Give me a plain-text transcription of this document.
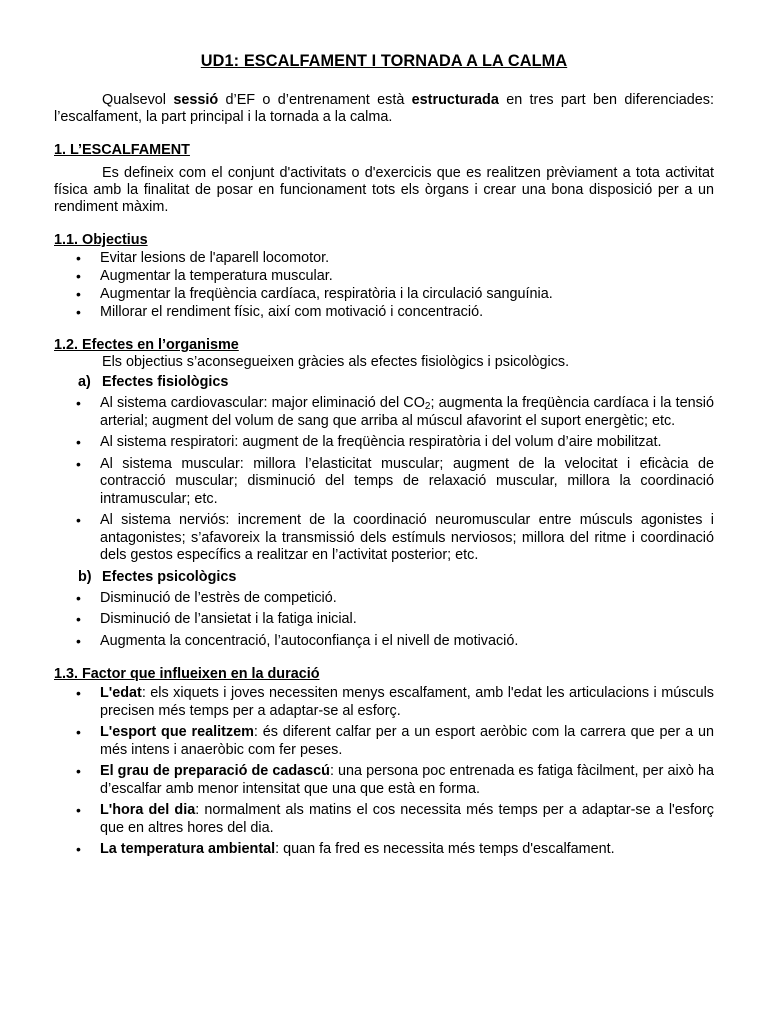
UD1: ESCALFAMENT I TORNADA A LA CALMA

Qualsevol sessió d’EF o d’entrenament està estructurada en tres part ben diferenciades: l’escalfament, la part principal i la tornada a la calma.

1. L’ESCALFAMENT

Es defineix com el conjunt d'activitats o d'exercicis que es realitzen prèviament a tota activitat física amb la finalitat de posar en funcionament tots els òrgans i crear una bona disposició per a un rendiment màxim.

1.1. Objectius
• Evitar lesions de l'aparell locomotor.
• Augmentar la temperatura muscular.
• Augmentar la freqüència cardíaca, respiratòria i la circulació sanguínia.
• Millorar el rendiment físic, així com motivació i concentració.
1.2. Efectes en l’organisme

Els objectius s’aconsegueixen gràcies als efectes fisiològics i psicològics.

a) Efectes fisiològics
• Al sistema cardiovascular: major eliminació del $CO_2$; augmenta la freqüència cardíaca i la tensió arterial; augment del volum de sang que arriba al múscul afavorint el suport energètic; etc.
• Al sistema respiratori: augment de la freqüència respiratòria i del volum d’aire mobilitzat.
• Al sistema muscular: millora l’elasticitat muscular; augment de la velocitat i eficàcia de contracció muscular; disminució del temps de relaxació muscular, millora la coordinació intramuscular; etc.
• Al sistema nerviós: increment de la coordinació neuromuscular entre músculs agonistes i antagonistes; s’afavoreix la transmissió dels estímuls nerviosos; millora del ritme i coordinació dels gestos específics a realitzar en l’activitat posterior; etc.
b) Efectes psicològics
• Disminució de l’estrès de competició.
• Disminució de l’ansietat i la fatiga inicial.
• Augmenta la concentració, l’autoconfiança i el nivell de motivació.
1.3. Factor que influeixen en la duració
• L'edat: els xiquets i joves necessiten menys escalfament, amb l'edat les articulacions i músculs precisen més temps per a adaptar-se al esforç.
• L'esport que realitzem: és diferent calfar per a un esport aeròbic com la carrera que per a un més intens i anaeròbic com fer peses.
• El grau de preparació de cadascú: una persona poc entrenada es fatiga fàcilment, per això ha d’escalfar amb menor intensitat que una que està en forma.
• L'hora del dia: normalment als matins el cos necessita més temps per a adaptar-se a l'esforç que en altres hores del dia.
• La temperatura ambiental: quan fa fred es necessita més temps d'escalfament.
